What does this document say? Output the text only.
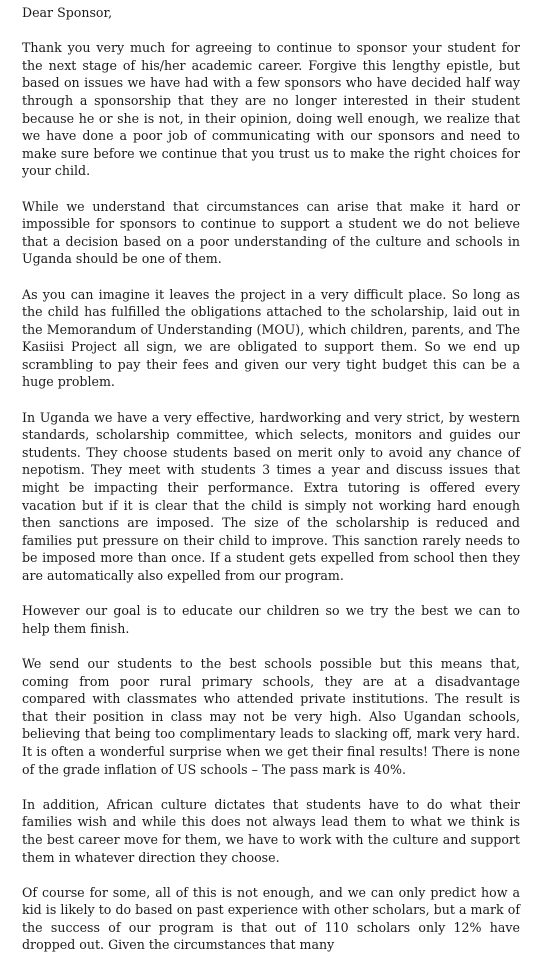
Dear Sponsor,

Thank you very much for agreeing to continue to sponsor your student for the next stage of his/her academic career. Forgive this lengthy epistle, but based on issues we have had with a few sponsors who have decided half way through a sponsorship that they are no longer interested in their student because he or she is not, in their opinion, doing well enough, we realize that we have done a poor job of communicating with our sponsors and need to make sure before we continue that you trust us to make the right choices for your child.

While we understand that circumstances can arise that make it hard or impossible for sponsors to continue to support a student we do not believe that a decision based on a poor understanding of the culture and schools in Uganda should be one of them.

As you can imagine it leaves the project in a very difficult place. So long as the child has fulfilled the obligations attached to the scholarship, laid out in the Memorandum of Understanding (MOU), which children, parents, and The Kasiisi Project all sign, we are obligated to support them. So we end up scrambling to pay their fees and given our very tight budget this can be a huge problem.

In Uganda we have a very effective, hardworking and very strict, by western standards, scholarship committee, which selects, monitors and guides our students. They choose students based on merit only to avoid any chance of nepotism. They meet with students 3 times a year and discuss issues that might be impacting their performance. Extra tutoring is offered every vacation but if it is clear that the child is simply not working hard enough then sanctions are imposed. The size of the scholarship is reduced and families put pressure on their child to improve. This sanction rarely needs to be imposed more than once. If a student gets expelled from school then they are automatically also expelled from our program.

However our goal is to educate our children so we try the best we can to help them finish.

We send our students to the best schools possible but this means that, coming from poor rural primary schools, they are at a disadvantage compared with classmates who attended private institutions. The result is that their position in class may not be very high. Also Ugandan schools, believing that being too complimentary leads to slacking off, mark very hard. It is often a wonderful surprise when we get their final results! There is none of the grade inflation of US schools – The pass mark is 40%.

In addition, African culture dictates that students have to do what their families wish and while this does not always lead them to what we think is the best career move for them, we have to work with the culture and support them in whatever direction they choose.

Of course for some, all of this is not enough, and we can only predict how a kid is likely to do based on past experience with other scholars, but a mark of the success of our program is that out of 110 scholars only 12% have dropped out. Given the circumstances that many
